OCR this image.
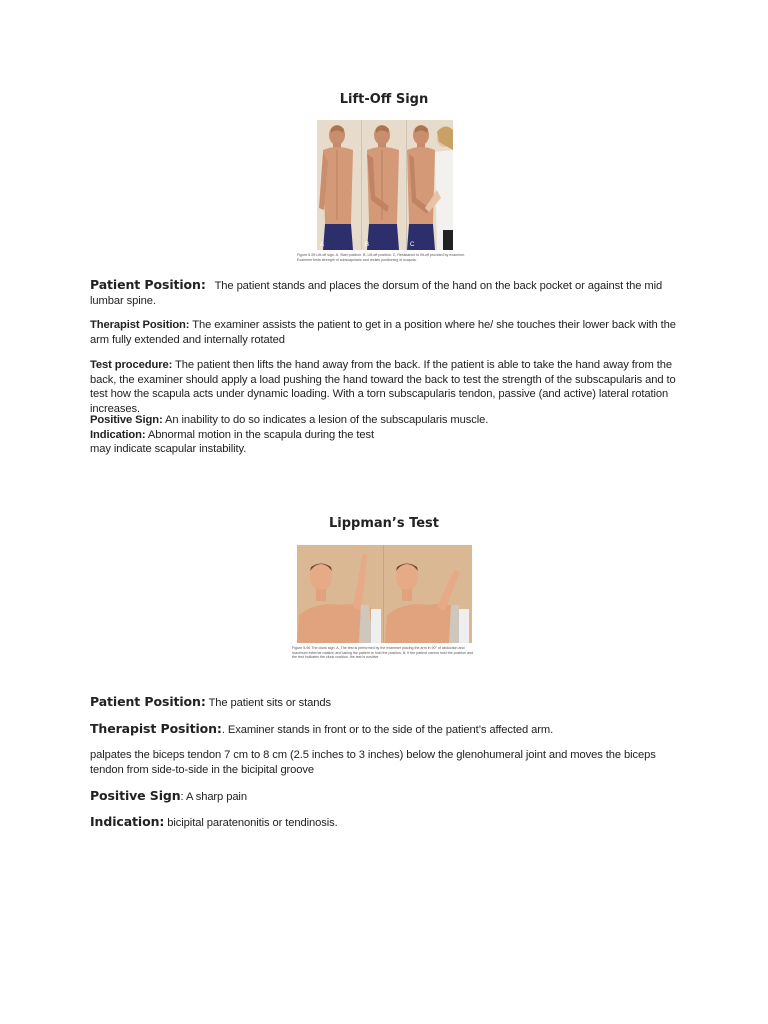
Lift-Off Sign
A	B	C
Figure 5-95 Lift-off sign. A, Start position. B, Lift-off position. C, Resistance to lift-off provided by examiner. Examiner tests strength of subscapularis and resists positioning of scapula.
Patient Position: The patient stands and places the dorsum of the hand on the back pocket or against the mid lumbar spine.
Therapist Position: The examiner assists the patient to get in a position where he/ she touches their lower back with the arm fully extended and internally rotated
Test procedure: The patient then lifts the hand away from the back. If the patient is able to take the hand away from the back, the examiner should apply a load pushing the hand toward the back to test the strength of the subscapularis and to test how the scapula acts under dynamic loading. With a torn subscapularis tendon, passive (and active) lateral rotation increases.
Positive Sign: An inability to do so indicates a lesion of the subscapularis muscle.
Indication: Abnormal motion in the scapula during the test
may indicate scapular instability.
Lippman’s Test
Figure 5-96 The clunk sign. A, The test is performed by the examiner placing the arm in 90° of abduction and maximum external rotation and taking the patient to hold the position. B, If the patient cannot hold the position and the test indicates the clunk position, the test is positive.
Patient Position: The patient sits or stands
Therapist Position:. Examiner stands in front or to the side of the patient’s affected arm.
palpates the biceps tendon 7 cm to 8 cm (2.5 inches to 3 inches) below the glenohumeral joint and moves the biceps tendon from side-to-side in the bicipital groove
Positive Sign: A sharp pain
Indication: bicipital paratenonitis or tendinosis.
